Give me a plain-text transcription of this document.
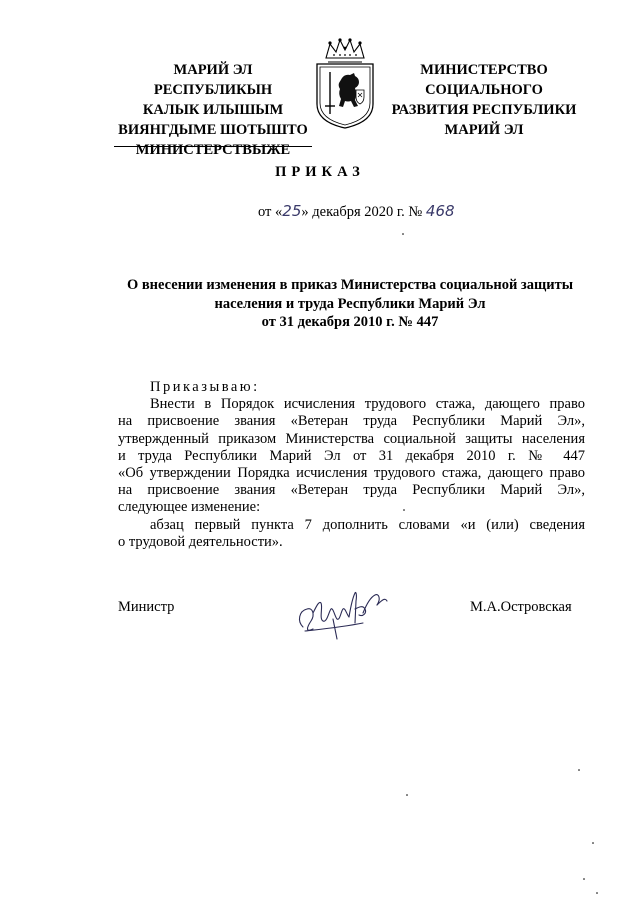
МАРИЙ ЭЛ
РЕСПУБЛИКЫН
КАЛЫК ИЛЫШЫМ
ВИЯНГДЫМЕ ШОТЫШТО
МИНИСТЕРСТВЫЖЕ
МИНИСТЕРСТВО
СОЦИАЛЬНОГО
РАЗВИТИЯ РЕСПУБЛИКИ
МАРИЙ ЭЛ
ПРИКАЗ
от «25» декабря 2020 г. № 468
О внесении изменения в приказ Министерства социальной защиты
населения и труда Республики Марий Эл
от 31 декабря 2010 г. № 447
Приказываю:
Внести в Порядок исчисления трудового стажа, дающего право
на присвоение звания «Ветеран труда Республики Марий Эл»,
утвержденный приказом Министерства социальной защиты населения
и труда Республики Марий Эл от 31 декабря 2010 г. № 447
«Об утверждении Порядка исчисления трудового стажа, дающего право
на присвоение звания «Ветеран труда Республики Марий Эл»,
следующее изменение:
абзац первый пункта 7 дополнить словами «и (или) сведения
о трудовой деятельности».
Министр	М.А.Островская
